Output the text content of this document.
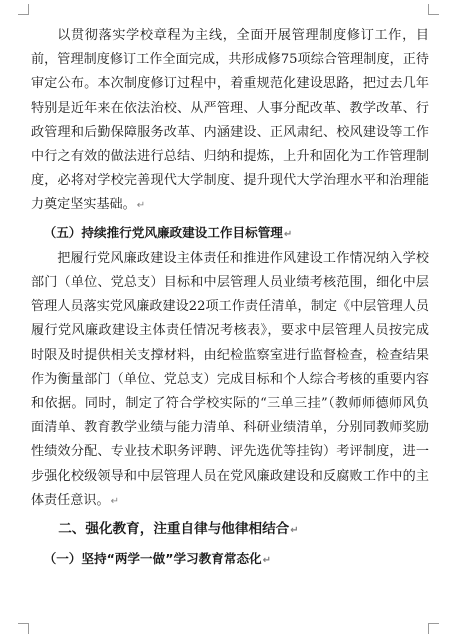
以贯彻落实学校章程为主线，全面开展管理制度修订工作，目前，管理制度修订工作全面完成，共形成修75项综合管理制度，正待审定公布。本次制度修订过程中，着重规范化建设思路，把过去几年特别是近年来在依法治校、从严管理、人事分配改革、教学改革、行政管理和后勤保障服务改革、内涵建设、正风肃纪、校风建设等工作中行之有效的做法进行总结、归纳和提炼，上升和固化为工作管理制度，必将对学校完善现代大学制度、提升现代大学治理水平和治理能力奠定坚实基础。↵

（五）持续推行党风廉政建设工作目标管理↵

把履行党风廉政建设主体责任和推进作风建设工作情况纳入学校部门（单位、党总支）目标和中层管理人员业绩考核范围，细化中层管理人员落实党风廉政建设22项工作责任清单，制定《中层管理人员履行党风廉政建设主体责任情况考核表》，要求中层管理人员按完成时限及时提供相关支撑材料，由纪检监察室进行监督检查，检查结果作为衡量部门（单位、党总支）完成目标和个人综合考核的重要内容和依据。同时，制定了符合学校实际的“三单三挂”（教师师德师风负面清单、教育教学业绩与能力清单、科研业绩清单，分别同教师奖励性绩效分配、专业技术职务评聘、评先选优等挂钩）考评制度，进一步强化校级领导和中层管理人员在党风廉政建设和反腐败工作中的主体责任意识。↵

二、强化教育，注重自律与他律相结合↵

（一）坚持“两学一做”学习教育常态化↵
